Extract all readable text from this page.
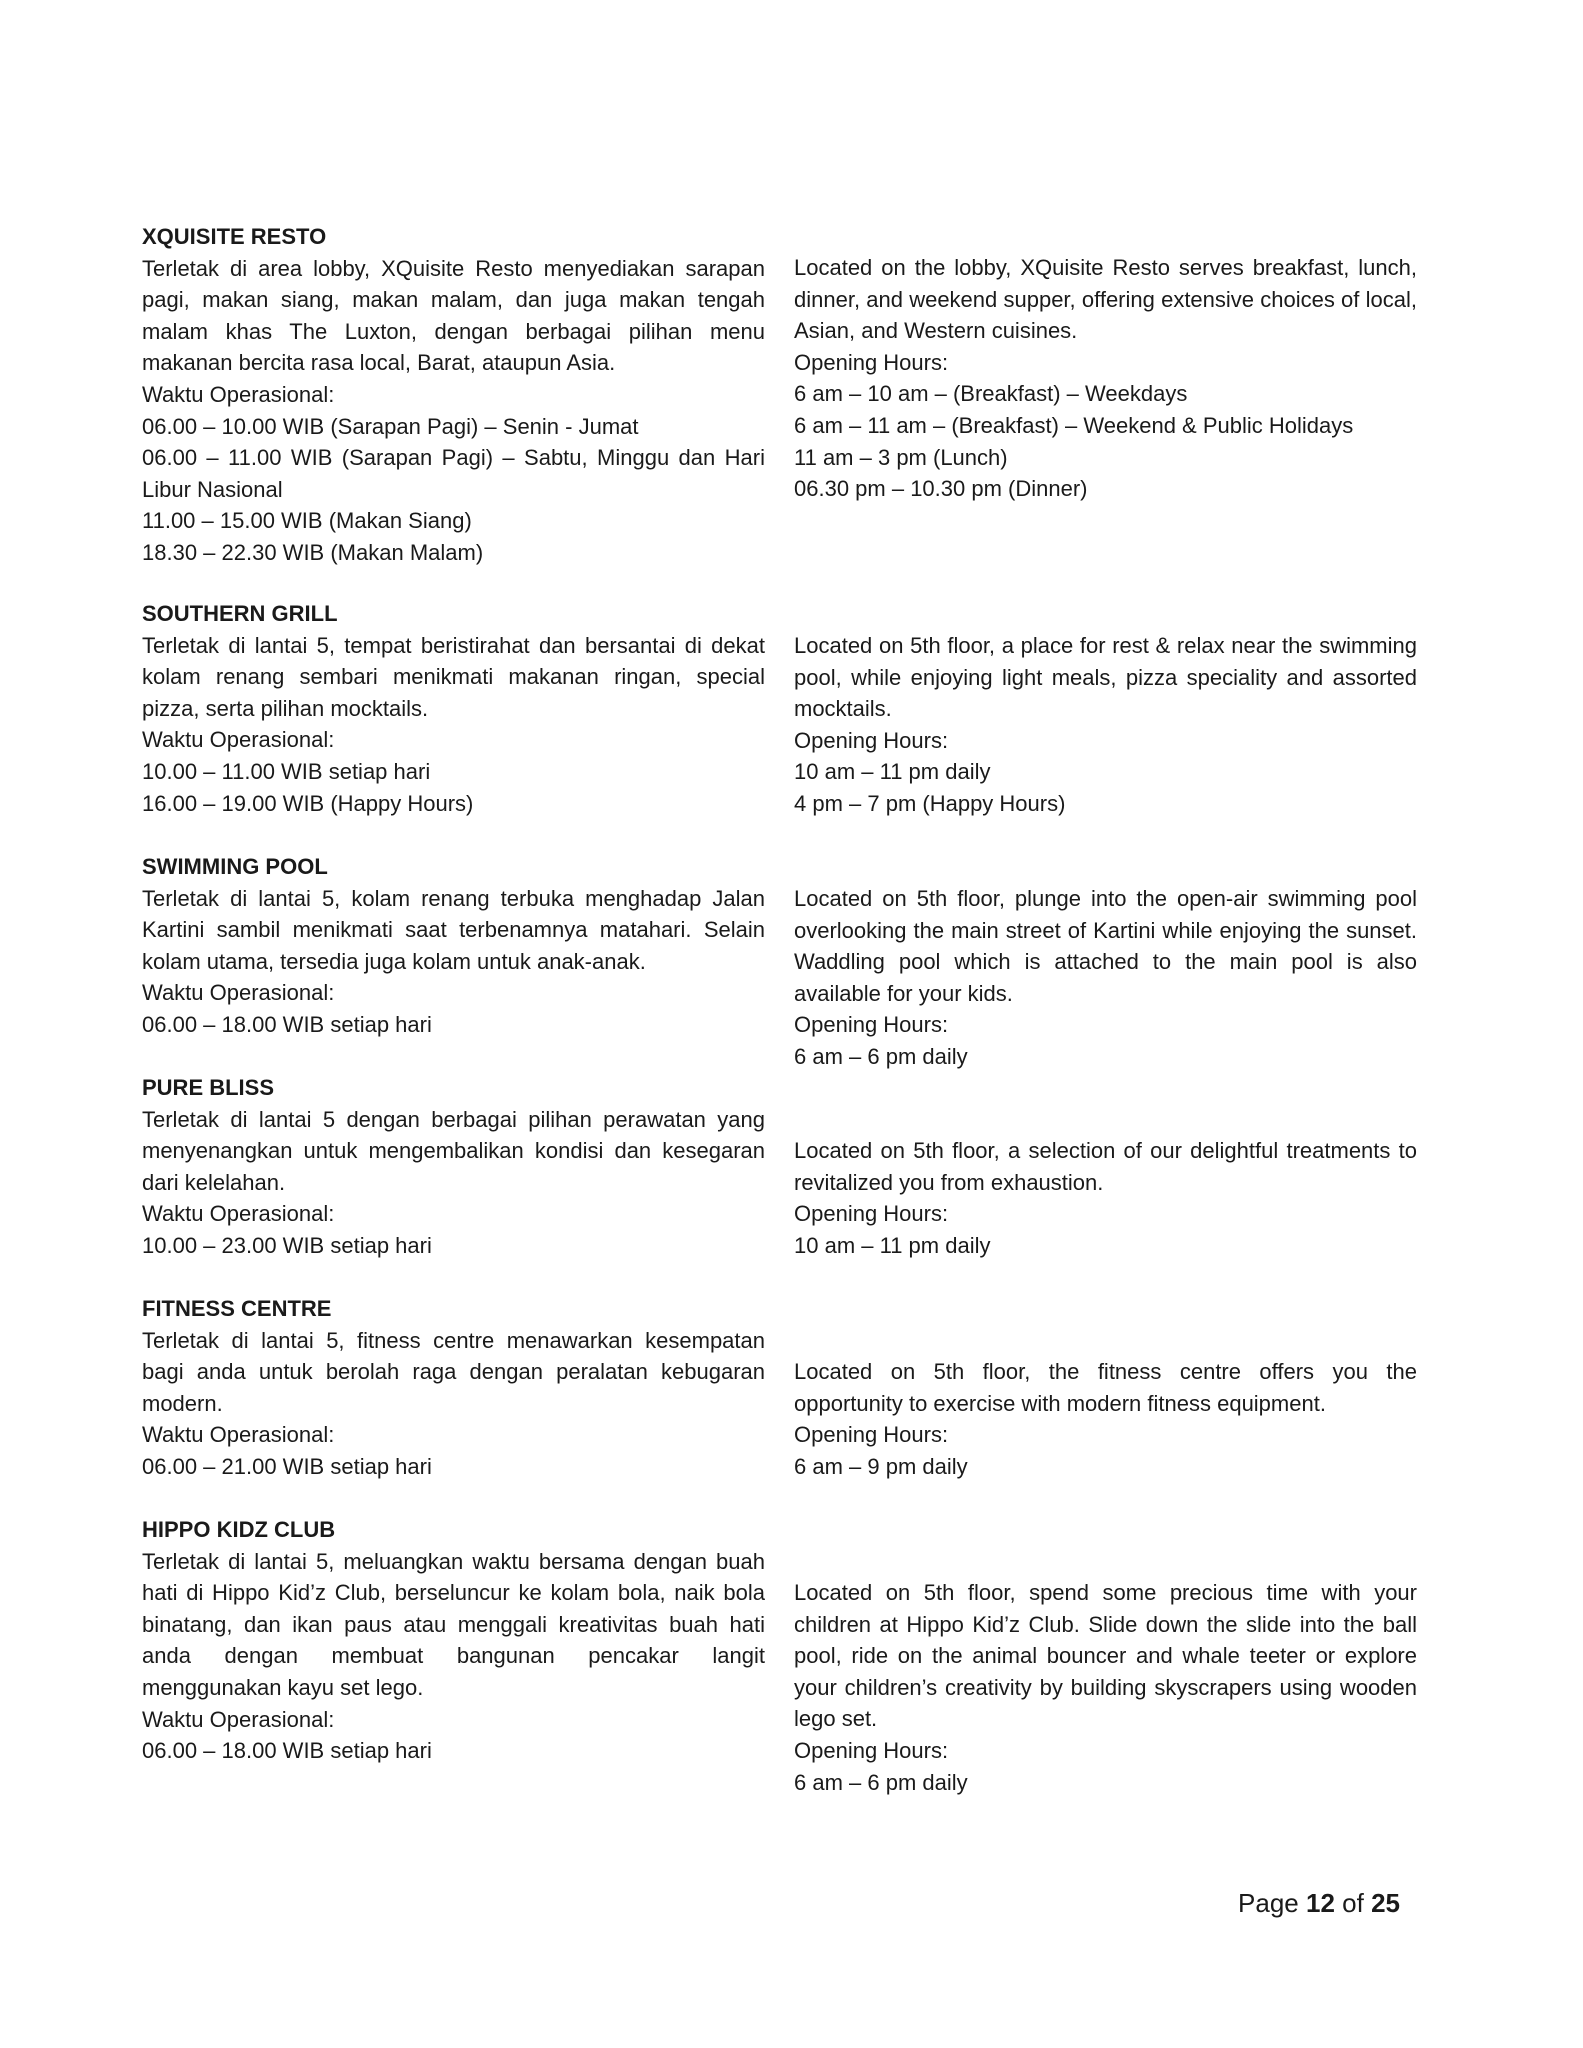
XQUISITE RESTO

Terletak di area lobby, XQuisite Resto menyediakan sarapan pagi, makan siang, makan malam, dan juga makan tengah malam khas The Luxton, dengan berbagai pilihan menu makanan bercita rasa local, Barat, ataupun Asia.

Waktu Operasional:

06.00 – 10.00 WIB (Sarapan Pagi) – Senin - Jumat

06.00 – 11.00 WIB (Sarapan Pagi) – Sabtu, Minggu dan Hari Libur Nasional

11.00 – 15.00 WIB (Makan Siang)

18.30 – 22.30 WIB (Makan Malam)

Located on the lobby, XQuisite Resto serves breakfast, lunch, dinner, and weekend supper, offering extensive choices of local, Asian, and Western cuisines.

Opening Hours:

6 am – 10 am – (Breakfast) – Weekdays

6 am – 11 am – (Breakfast) – Weekend & Public Holidays

11 am – 3 pm (Lunch)

06.30 pm – 10.30 pm (Dinner)

SOUTHERN GRILL

Terletak di lantai 5, tempat beristirahat dan bersantai di dekat kolam renang sembari menikmati makanan ringan, special pizza, serta pilihan mocktails.

Waktu Operasional:

10.00 – 11.00 WIB setiap hari

16.00 – 19.00 WIB (Happy Hours)

Located on 5th floor, a place for rest & relax near the swimming pool, while enjoying light meals, pizza speciality and assorted mocktails.

Opening Hours:

10 am – 11 pm daily

4 pm – 7 pm (Happy Hours)

SWIMMING POOL

Terletak di lantai 5, kolam renang terbuka menghadap Jalan Kartini sambil menikmati saat terbenamnya matahari. Selain kolam utama, tersedia juga kolam untuk anak-anak.

Waktu Operasional:

06.00 – 18.00 WIB setiap hari

Located on 5th floor, plunge into the open-air swimming pool overlooking the main street of Kartini while enjoying the sunset. Waddling pool which is attached to the main pool is also available for your kids.

Opening Hours:

6 am – 6 pm daily

PURE BLISS

Terletak di lantai 5 dengan berbagai pilihan perawatan yang menyenangkan untuk mengembalikan kondisi dan kesegaran dari kelelahan.

Waktu Operasional:

10.00 – 23.00 WIB setiap hari

Located on 5th floor, a selection of our delightful treatments to revitalized you from exhaustion.

Opening Hours:

10 am – 11 pm daily

FITNESS CENTRE

Terletak di lantai 5, fitness centre menawarkan kesempatan bagi anda untuk berolah raga dengan peralatan kebugaran modern.

Waktu Operasional:

06.00 – 21.00 WIB setiap hari

Located on 5th floor, the fitness centre offers you the opportunity to exercise with modern fitness equipment.

Opening Hours:

6 am – 9 pm daily

HIPPO KIDZ CLUB

Terletak di lantai 5, meluangkan waktu bersama dengan buah hati di Hippo Kid’z Club, berseluncur ke kolam bola, naik bola binatang, dan ikan paus atau menggali kreativitas buah hati anda dengan membuat bangunan pencakar langit menggunakan kayu set lego.

Waktu Operasional:

06.00 – 18.00 WIB setiap hari

Located on 5th floor, spend some precious time with your children at Hippo Kid’z Club. Slide down the slide into the ball pool, ride on the animal bouncer and whale teeter or explore your children’s creativity by building skyscrapers using wooden lego set.

Opening Hours:

6 am – 6 pm daily

Page 12 of 25
